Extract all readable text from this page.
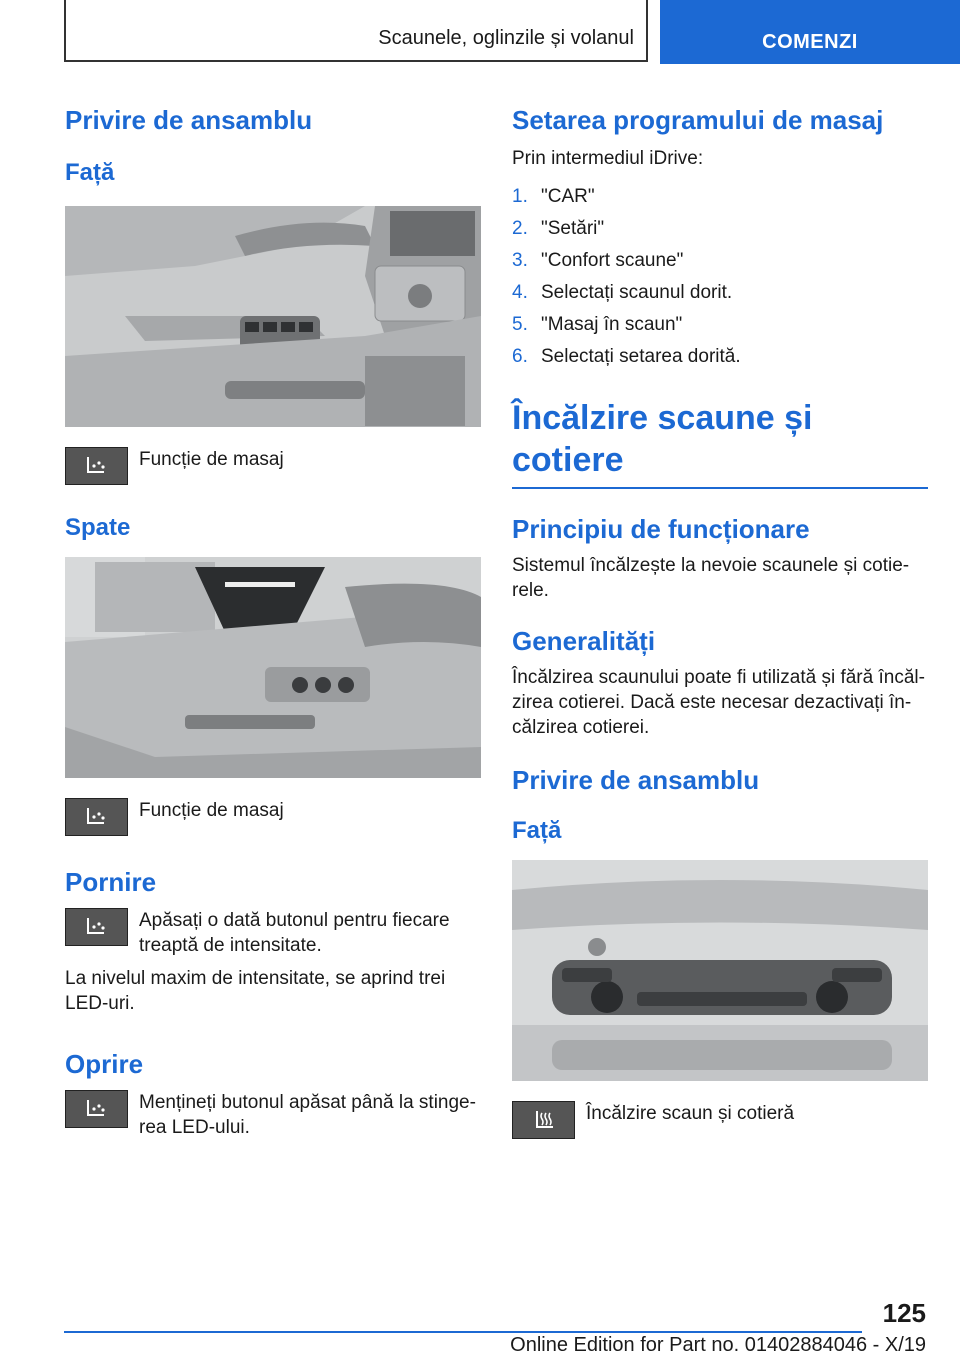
Scaunele, oglinzile și volanul	COMENZI
Privire de ansamblu
Față
Funcție de masaj
Spate
Funcție de masaj
Pornire
Apăsați o dată butonul pentru fiecare treaptă de intensitate.

La nivelul maxim de intensitate, se aprind trei LED-uri.

Oprire
Mențineți butonul apăsat până la stingerea LED-ului.
Setarea programului de masaj

Prin intermediul iDrive:

1. "CAR"
2. "Setări"
3. "Confort scaune"
4. Selectați scaunul dorit.
5. "Masaj în scaun"
6. Selectați setarea dorită.
Încălzire scaune și cotiere
Principiu de funcționare

Sistemul încălzește la nevoie scaunele și cotierele.

Generalități

Încălzirea scaunului poate fi utilizată și fără încălzirea cotierei. Dacă este necesar dezactivați încălzirea cotierei.

Privire de ansamblu
Față
Încălzire scaun și cotieră
125
Online Edition for Part no. 01402884046 - X/19
